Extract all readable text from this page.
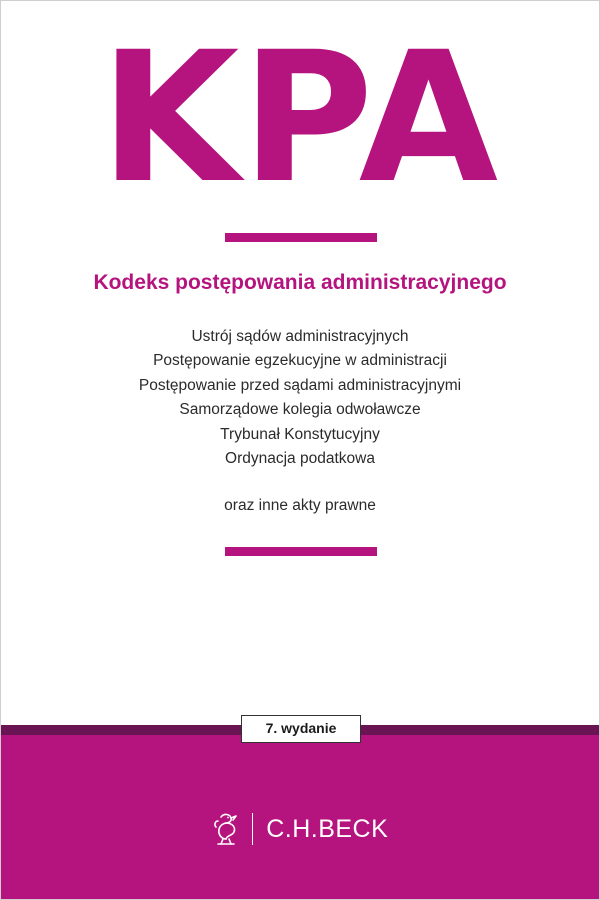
KPA
Kodeks postępowania administracyjnego
Ustrój sądów administracyjnych
Postępowanie egzekucyjne w administracji
Postępowanie przed sądami administracyjnymi
Samorządowe kolegia odwoławcze
Trybunał Konstytucyjny
Ordynacja podatkowa
oraz inne akty prawne
7. wydanie
C.H.BECK
